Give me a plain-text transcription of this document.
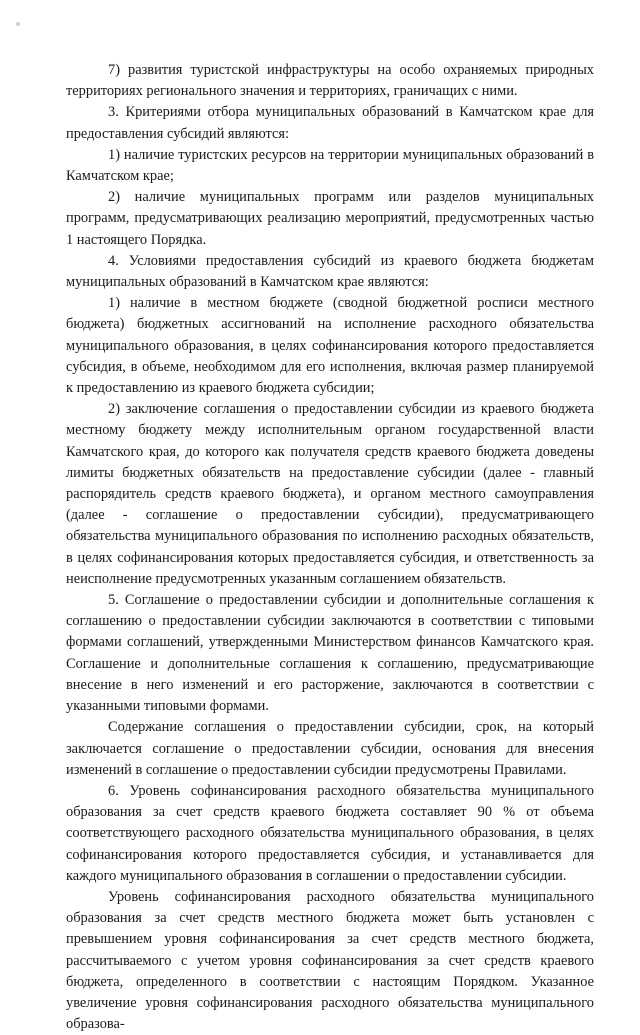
7) развития туристской инфраструктуры на особо охраняемых природных территориях регионального значения и территориях, граничащих с ними.

3. Критериями отбора муниципальных образований в Камчатском крае для предоставления субсидий являются:

1) наличие туристских ресурсов на территории муниципальных образований в Камчатском крае;

2) наличие муниципальных программ или разделов муниципальных программ, предусматривающих реализацию мероприятий, предусмотренных частью 1 настоящего Порядка.

4. Условиями предоставления субсидий из краевого бюджета бюджетам муниципальных образований в Камчатском крае являются:

1) наличие в местном бюджете (сводной бюджетной росписи местного бюджета) бюджетных ассигнований на исполнение расходного обязательства муниципального образования, в целях софинансирования которого предоставляется субсидия, в объеме, необходимом для его исполнения, включая размер планируемой к предоставлению из краевого бюджета субсидии;

2) заключение соглашения о предоставлении субсидии из краевого бюджета местному бюджету между исполнительным органом государственной власти Камчатского края, до которого как получателя средств краевого бюджета доведены лимиты бюджетных обязательств на предоставление субсидии (далее - главный распорядитель средств краевого бюджета), и органом местного самоуправления (далее - соглашение о предоставлении субсидии), предусматривающего обязательства муниципального образования по исполнению расходных обязательств, в целях софинансирования которых предоставляется субсидия, и ответственность за неисполнение предусмотренных указанным соглашением обязательств.

5. Соглашение о предоставлении субсидии и дополнительные соглашения к соглашению о предоставлении субсидии заключаются в соответствии с типовыми формами соглашений, утвержденными Министерством финансов Камчатского края. Соглашение и дополнительные соглашения к соглашению, предусматривающие внесение в него изменений и его расторжение, заключаются в соответствии с указанными типовыми формами.

Содержание соглашения о предоставлении субсидии, срок, на который заключается соглашение о предоставлении субсидии, основания для внесения изменений в соглашение о предоставлении субсидии предусмотрены Правилами.

6. Уровень софинансирования расходного обязательства муниципального образования за счет средств краевого бюджета составляет 90 % от объема соответствующего расходного обязательства муниципального образования, в целях софинансирования которого предоставляется субсидия, и устанавливается для каждого муниципального образования в соглашении о предоставлении субсидии.

Уровень софинансирования расходного обязательства муниципального образования за счет средств местного бюджета может быть установлен с превышением уровня софинансирования за счет средств местного бюджета, рассчитываемого с учетом уровня софинансирования за счет средств краевого бюджета, определенного в соответствии с настоящим Порядком. Указанное увеличение уровня софинансирования расходного обязательства муниципального образова-
